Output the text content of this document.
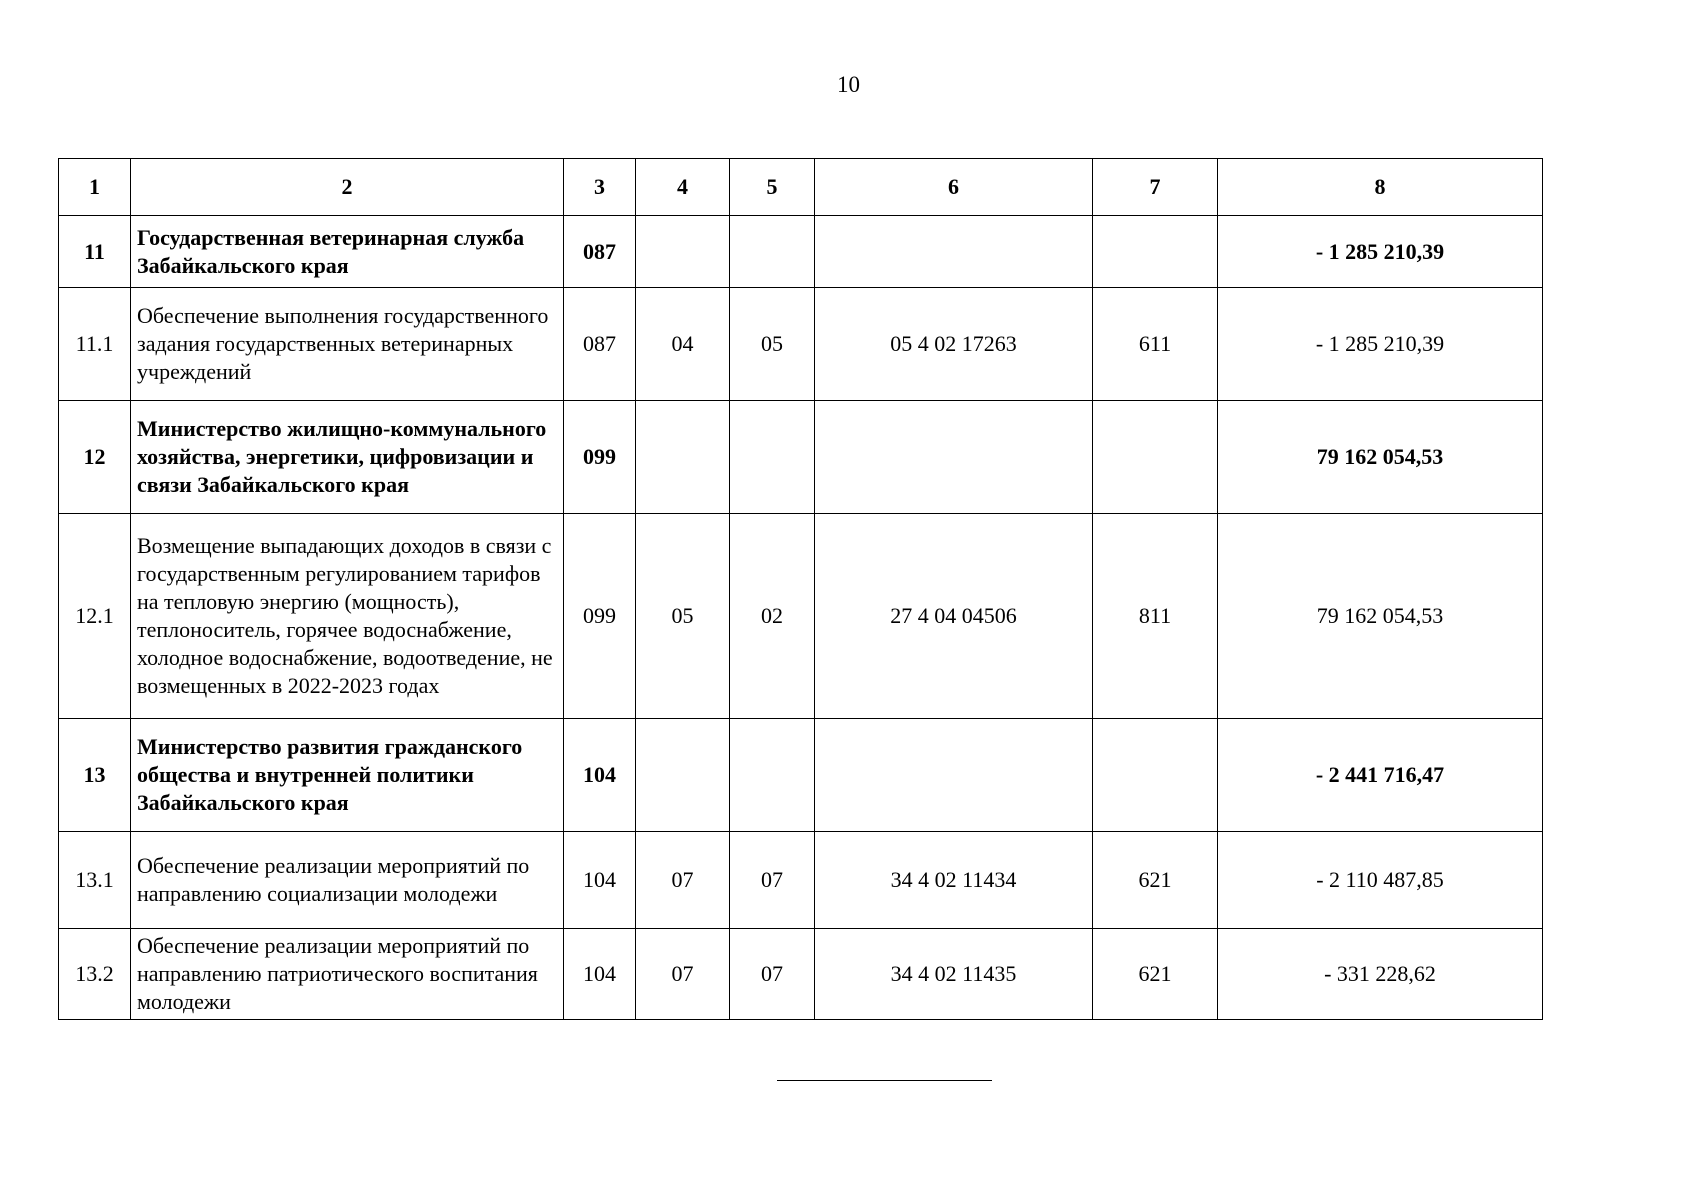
10
1	2	3	4	5	6	7	8
11	Государственная ветеринарная служба Забайкальского края	087					- 1 285 210,39
11.1	Обеспечение выполнения государственного задания государственных ветеринарных учреждений	087	04	05	05 4 02 17263	611	- 1 285 210,39
12	Министерство жилищно-коммунального хозяйства, энергетики, цифровизации и связи Забайкальского края	099					79 162 054,53
12.1	Возмещение выпадающих доходов в связи с государственным регулированием тарифов на тепловую энергию (мощность), теплоноситель, горячее водоснабжение, холодное водоснабжение, водоотведение, не возмещенных в 2022-2023 годах	099	05	02	27 4 04 04506	811	79 162 054,53
13	Министерство развития гражданского общества и внутренней политики Забайкальского края	104					- 2 441 716,47
13.1	Обеспечение реализации мероприятий по направлению социализации молодежи	104	07	07	34 4 02 11434	621	- 2 110 487,85
13.2	Обеспечение реализации мероприятий по направлению патриотического воспитания молодежи	104	07	07	34 4 02 11435	621	- 331 228,62
